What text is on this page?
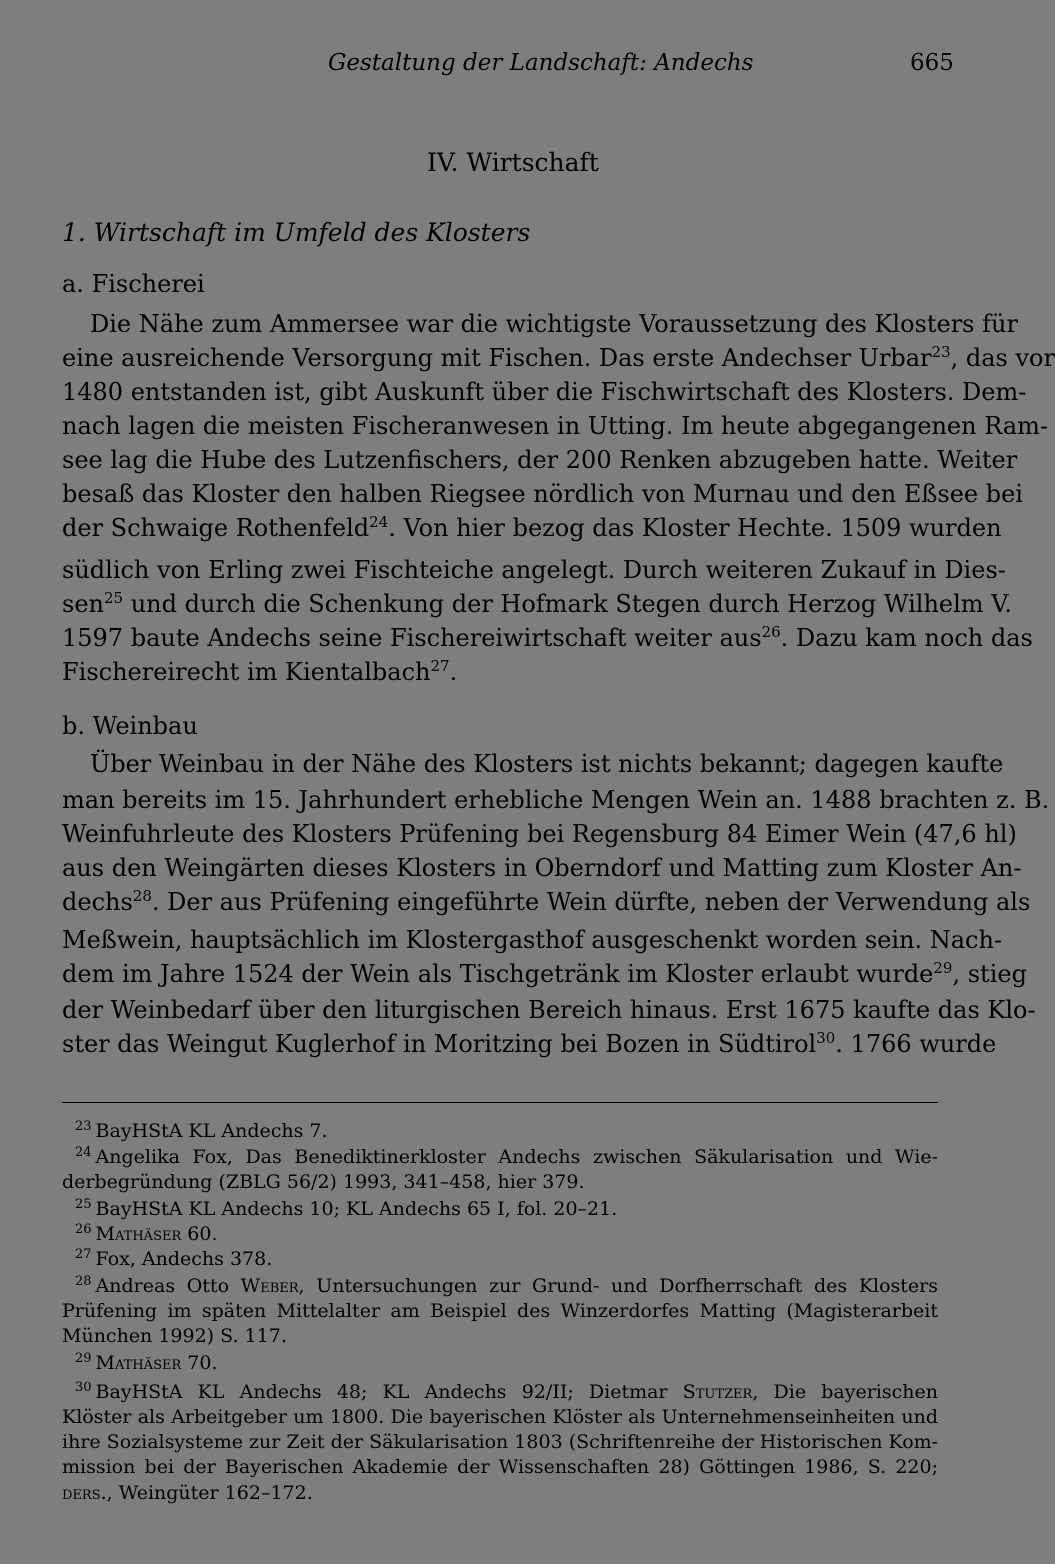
Gestaltung der Landschaft: Andechs	665
IV. Wirtschaft
1. Wirtschaft im Umfeld des Klosters
a. Fischerei
Die Nähe zum Ammersee war die wichtigste Voraussetzung des Klosters für
eine ausreichende Versorgung mit Fischen. Das erste Andechser Urbar$^{23}$, das vor
1480 entstanden ist, gibt Auskunft über die Fischwirtschaft des Klosters. Dem-
nach lagen die meisten Fischeranwesen in Utting. Im heute abgegangenen Ram-
see lag die Hube des Lutzenfischers, der 200 Renken abzugeben hatte. Weiter
besaß das Kloster den halben Riegsee nördlich von Murnau und den Eßsee bei
der Schwaige Rothenfeld$^{24}$. Von hier bezog das Kloster Hechte. 1509 wurden
südlich von Erling zwei Fischteiche angelegt. Durch weiteren Zukauf in Dies-
sen$^{25}$ und durch die Schenkung der Hofmark Stegen durch Herzog Wilhelm V.
1597 baute Andechs seine Fischereiwirtschaft weiter aus$^{26}$. Dazu kam noch das
Fischereirecht im Kientalbach$^{27}$.
b. Weinbau
Über Weinbau in der Nähe des Klosters ist nichts bekannt; dagegen kaufte
man bereits im 15. Jahrhundert erhebliche Mengen Wein an. 1488 brachten z. B.
Weinfuhrleute des Klosters Prüfening bei Regensburg 84 Eimer Wein (47,6 hl)
aus den Weingärten dieses Klosters in Oberndorf und Matting zum Kloster An-
dechs$^{28}$. Der aus Prüfening eingeführte Wein dürfte, neben der Verwendung als
Meßwein, hauptsächlich im Klostergasthof ausgeschenkt worden sein. Nach-
dem im Jahre 1524 der Wein als Tischgetränk im Kloster erlaubt wurde$^{29}$, stieg
der Weinbedarf über den liturgischen Bereich hinaus. Erst 1675 kaufte das Klo-
ster das Weingut Kuglerhof in Moritzing bei Bozen in Südtirol$^{30}$. 1766 wurde
$^{23}$ BayHStA KL Andechs 7.
$^{24}$ Angelika Fox, Das Benediktinerkloster Andechs zwischen Säkularisation und Wie-
derbegründung (ZBLG 56/2) 1993, 341–458, hier 379.
$^{25}$ BayHStA KL Andechs 10; KL Andechs 65 I, fol. 20–21.
$^{26}$ Mathäser 60.
$^{27}$ Fox, Andechs 378.
$^{28}$ Andreas Otto Weber, Untersuchungen zur Grund- und Dorfherrschaft des Klosters
Prüfening im späten Mittelalter am Beispiel des Winzerdorfes Matting (Magisterarbeit
München 1992) S. 117.
$^{29}$ Mathäser 70.
$^{30}$ BayHStA KL Andechs 48; KL Andechs 92/II; Dietmar Stutzer, Die bayerischen
Klöster als Arbeitgeber um 1800. Die bayerischen Klöster als Unternehmenseinheiten und
ihre Sozialsysteme zur Zeit der Säkularisation 1803 (Schriftenreihe der Historischen Kom-
mission bei der Bayerischen Akademie der Wissenschaften 28) Göttingen 1986, S. 220;
ders., Weingüter 162–172.
